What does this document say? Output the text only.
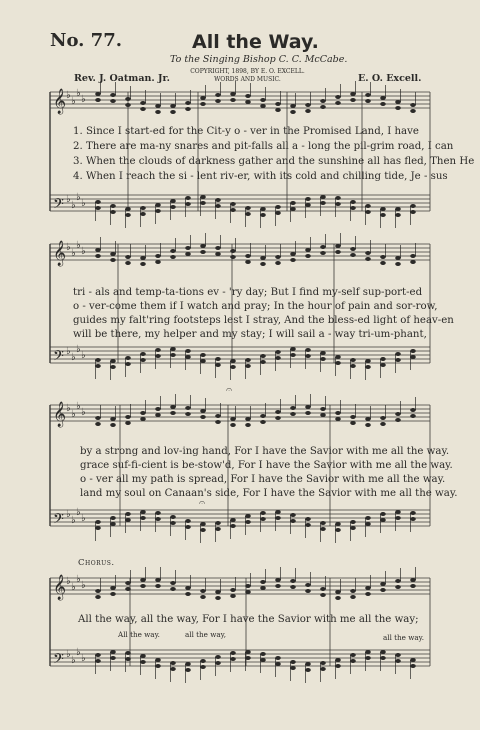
No. 77.	All the Way.
To the Singing Bishop C. C. McCabe.
COPYRIGHT, 1898, BY E. O. EXCELL.
WORDS AND MUSIC.
Rev. J. Oatman. Jr.	E. O. Excell.
𝄞
𝄢
𝄞
𝄢
𝄞
𝄢
𝄞
𝄢
♭
♭
♭
♭
♭
♭
♭
♭
♭
♭
♭
♭
♭
♭
♭
♭
♭
♭
♭
♭
♭
♭
♭
♭
♭
♭
♭
♭
♭
♭
♭
♭
𝄐
𝄐
1. Since I start-ed for the Cit-y o - ver in the Promised Land, I have
2. There are ma-ny snares and pit-falls all a - long the pil-grim road, I can
3. When the clouds of darkness gather and the sunshine all has fled, Then He
4. When I reach the si - lent riv-er, with its cold and chilling tide, Je - sus
tri - als and temp-ta-tions ev - 'ry day; But I find my-self sup-port-ed
o - ver-come them if I watch and pray; In the hour of pain and sor-row,
guides my falt'ring footsteps lest I stray, And the bless-ed light of heav-en
will be there, my helper and my stay; I will sail a - way tri-um-phant,
by a strong and lov-ing hand, For I have the Savior with me all the way.
grace suf-fi-cient is be-stow'd, For I have the Savior with me all the way.
o - ver all my path is spread, For I have the Savior with me all the way.
land my soul on Canaan's side, For I have the Savior with me all the way.
Chorus.
All the way, all the way, For I have the Savior with me all the way;
All the way.	all the way,	all the way.
